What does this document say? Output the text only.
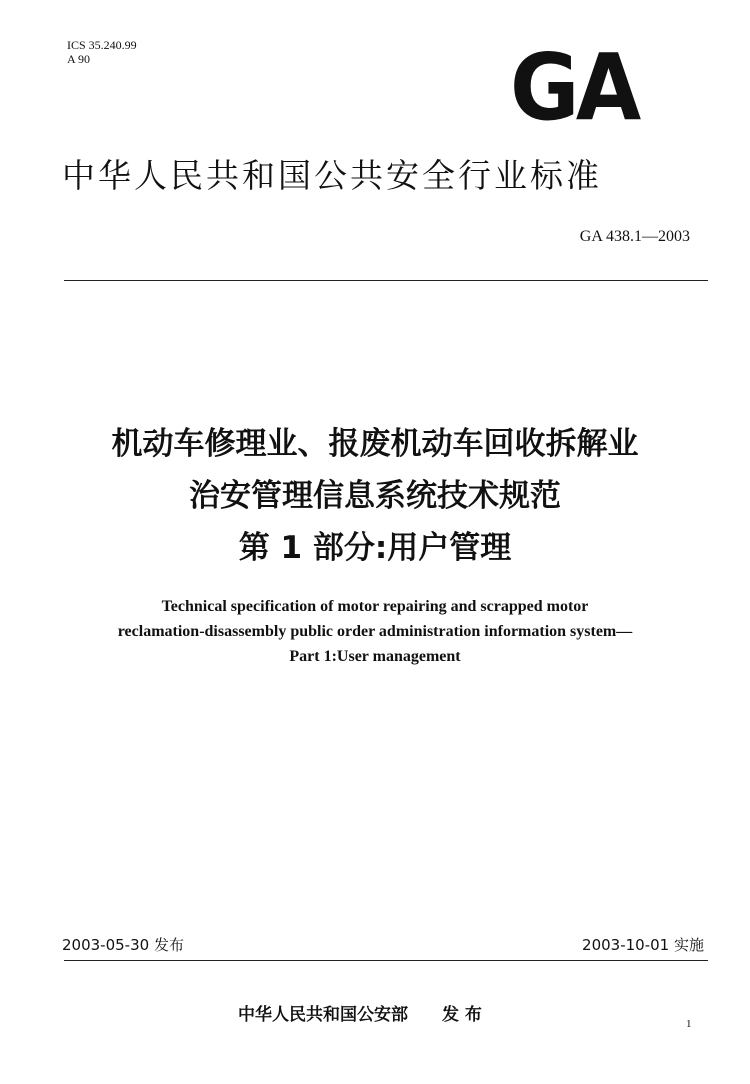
ICS 35.240.99
A 90	GA
中华人民共和国公共安全行业标准
GA 438.1—2003
机动车修理业、报废机动车回收拆解业
治安管理信息系统技术规范
第 1 部分:用户管理
Technical specification of motor repairing and scrapped motor
reclamation-disassembly public order administration information system—
Part 1:User management
2003-05-30 发布	2003-10-01 实施
中华人民共和国公安部 发 布	1
